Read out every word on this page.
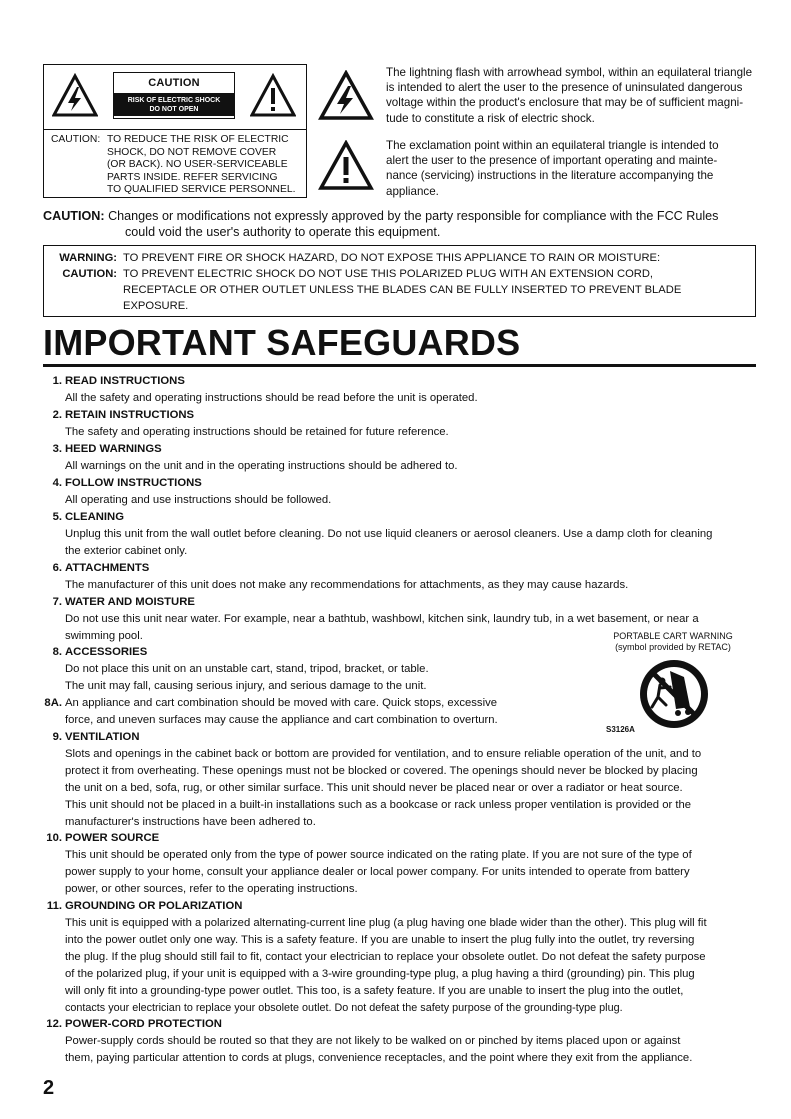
CAUTION
RISK OF ELECTRIC SHOCK
DO NOT OPEN
CAUTION: TO REDUCE THE RISK OF ELECTRIC
SHOCK, DO NOT REMOVE COVER
(OR BACK). NO USER-SERVICEABLE
PARTS INSIDE. REFER SERVICING
TO QUALIFIED SERVICE PERSONNEL.
The lightning flash with arrowhead symbol, within an equilateral triangle
is intended to alert the user to the presence of uninsulated dangerous
voltage within the product's enclosure that may be of sufficient magni-
tude to constitute a risk of electric shock.
The exclamation point within an equilateral triangle is intended to
alert the user to the presence of important operating and mainte-
nance (servicing) instructions in the literature accompanying the
appliance.
CAUTION: Changes or modifications not expressly approved by the party responsible for compliance with the FCC Rules
could void the user's authority to operate this equipment.
WARNING: TO PREVENT FIRE OR SHOCK HAZARD, DO NOT EXPOSE THIS APPLIANCE TO RAIN OR MOISTURE:
CAUTION: TO PREVENT ELECTRIC SHOCK DO NOT USE THIS POLARIZED PLUG WITH AN EXTENSION CORD,
RECEPTACLE OR OTHER OUTLET UNLESS THE BLADES CAN BE FULLY INSERTED TO PREVENT BLADE
EXPOSURE.
IMPORTANT SAFEGUARDS
1. READ INSTRUCTIONS
All the safety and operating instructions should be read before the unit is operated.
2. RETAIN INSTRUCTIONS
The safety and operating instructions should be retained for future reference.
3. HEED WARNINGS
All warnings on the unit and in the operating instructions should be adhered to.
4. FOLLOW INSTRUCTIONS
All operating and use instructions should be followed.
5. CLEANING
Unplug this unit from the wall outlet before cleaning. Do not use liquid cleaners or aerosol cleaners. Use a damp cloth for cleaning
the exterior cabinet only.
6. ATTACHMENTS
The manufacturer of this unit does not make any recommendations for attachments, as they may cause hazards.
7. WATER AND MOISTURE
Do not use this unit near water. For example, near a bathtub, washbowl, kitchen sink, laundry tub, in a wet basement, or near a
swimming pool.
8. ACCESSORIES
Do not place this unit on an unstable cart, stand, tripod, bracket, or table.
The unit may fall, causing serious injury, and serious damage to the unit.
8A. An appliance and cart combination should be moved with care. Quick stops, excessive
force, and uneven surfaces may cause the appliance and cart combination to overturn.
9. VENTILATION
Slots and openings in the cabinet back or bottom are provided for ventilation, and to ensure reliable operation of the unit, and to
protect it from overheating. These openings must not be blocked or covered. The openings should never be blocked by placing
the unit on a bed, sofa, rug, or other similar surface. This unit should never be placed near or over a radiator or heat source.
This unit should not be placed in a built-in installations such as a bookcase or rack unless proper ventilation is provided or the
manufacturer's instructions have been adhered to.
10. POWER SOURCE
This unit should be operated only from the type of power source indicated on the rating plate. If you are not sure of the type of
power supply to your home, consult your appliance dealer or local power company. For units intended to operate from battery
power, or other sources, refer to the operating instructions.
11. GROUNDING OR POLARIZATION
This unit is equipped with a polarized alternating-current line plug (a plug having one blade wider than the other). This plug will fit
into the power outlet only one way. This is a safety feature. If you are unable to insert the plug fully into the outlet, try reversing
the plug. If the plug should still fail to fit, contact your electrician to replace your obsolete outlet. Do not defeat the safety purpose
of the polarized plug, if your unit is equipped with a 3-wire grounding-type plug, a plug having a third (grounding) pin. This plug
will only fit into a grounding-type power outlet. This too, is a safety feature. If you are unable to insert the plug into the outlet,
contacts your electrician to replace your obsolete outlet. Do not defeat the safety purpose of the grounding-type plug.
12. POWER-CORD PROTECTION
Power-supply cords should be routed so that they are not likely to be walked on or pinched by items placed upon or against
them, paying particular attention to cords at plugs, convenience receptacles, and the point where they exit from the appliance.
PORTABLE CART WARNING
(symbol provided by RETAC)
S3126A
2
